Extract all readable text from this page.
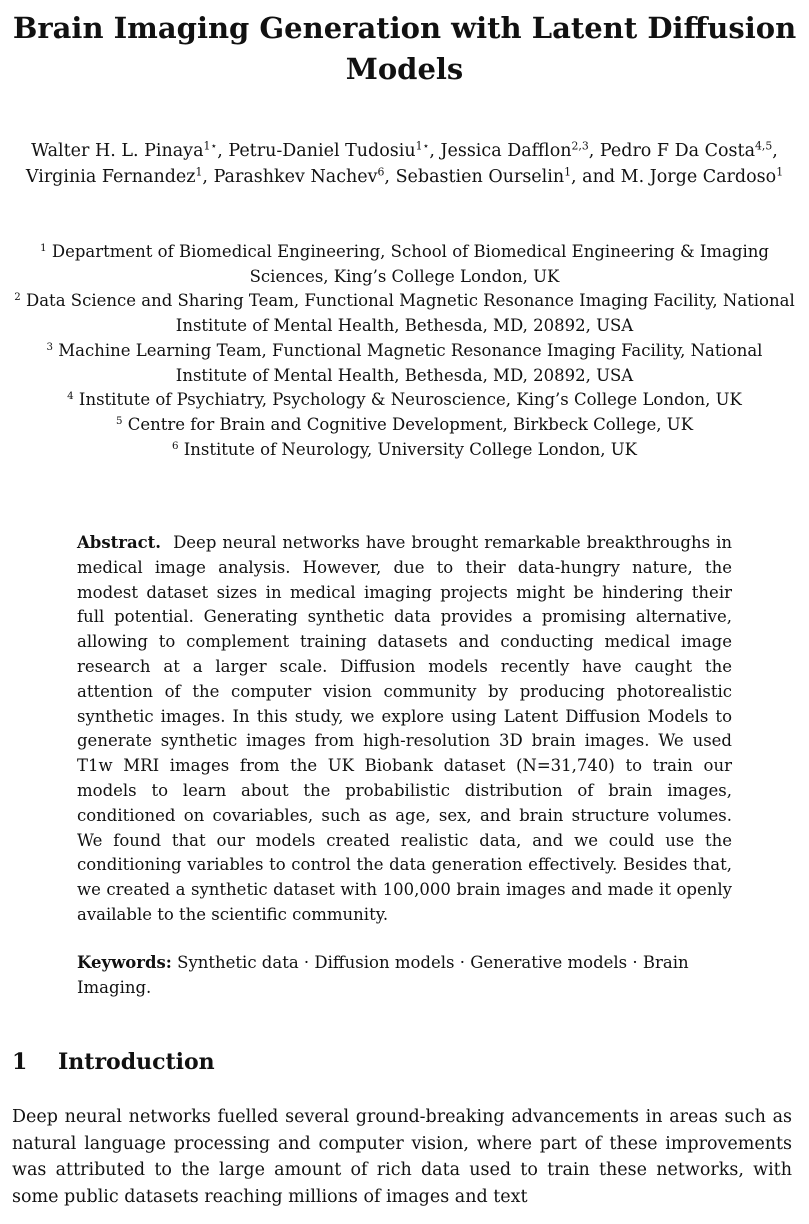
Brain Imaging Generation with Latent Diffusion
Models
Walter H. L. Pinaya$^{1⋆}$, Petru-Daniel Tudosiu$^{1⋆}$, Jessica Dafflon$^{2,3}$, Pedro F Da Costa$^{4,5}$, Virginia Fernandez$^1$, Parashkev Nachev$^6$, Sebastien Ourselin$^1$, and M. Jorge Cardoso$^1$
$^1$ Department of Biomedical Engineering, School of Biomedical Engineering & Imaging Sciences, King’s College London, UK
$^2$ Data Science and Sharing Team, Functional Magnetic Resonance Imaging Facility, National Institute of Mental Health, Bethesda, MD, 20892, USA
$^3$ Machine Learning Team, Functional Magnetic Resonance Imaging Facility, National Institute of Mental Health, Bethesda, MD, 20892, USA
$^4$ Institute of Psychiatry, Psychology & Neuroscience, King’s College London, UK
$^5$ Centre for Brain and Cognitive Development, Birkbeck College, UK
$^6$ Institute of Neurology, University College London, UK
Abstract. Deep neural networks have brought remarkable breakthroughs in medical image analysis. However, due to their data-hungry nature, the modest dataset sizes in medical imaging projects might be hindering their full potential. Generating synthetic data provides a promising alternative, allowing to complement training datasets and conducting medical image research at a larger scale. Diffusion models recently have caught the attention of the computer vision community by producing photorealistic synthetic images. In this study, we explore using Latent Diffusion Models to generate synthetic images from high-resolution 3D brain images. We used T1w MRI images from the UK Biobank dataset (N=31,740) to train our models to learn about the probabilistic distribution of brain images, conditioned on covariables, such as age, sex, and brain structure volumes. We found that our models created realistic data, and we could use the conditioning variables to control the data generation effectively. Besides that, we created a synthetic dataset with 100,000 brain images and made it openly available to the scientific community.
Keywords: Synthetic data · Diffusion models · Generative models · Brain Imaging.
1 Introduction
Deep neural networks fuelled several ground-breaking advancements in areas such as natural language processing and computer vision, where part of these improvements was attributed to the large amount of rich data used to train these networks, with some public datasets reaching millions of images and text
